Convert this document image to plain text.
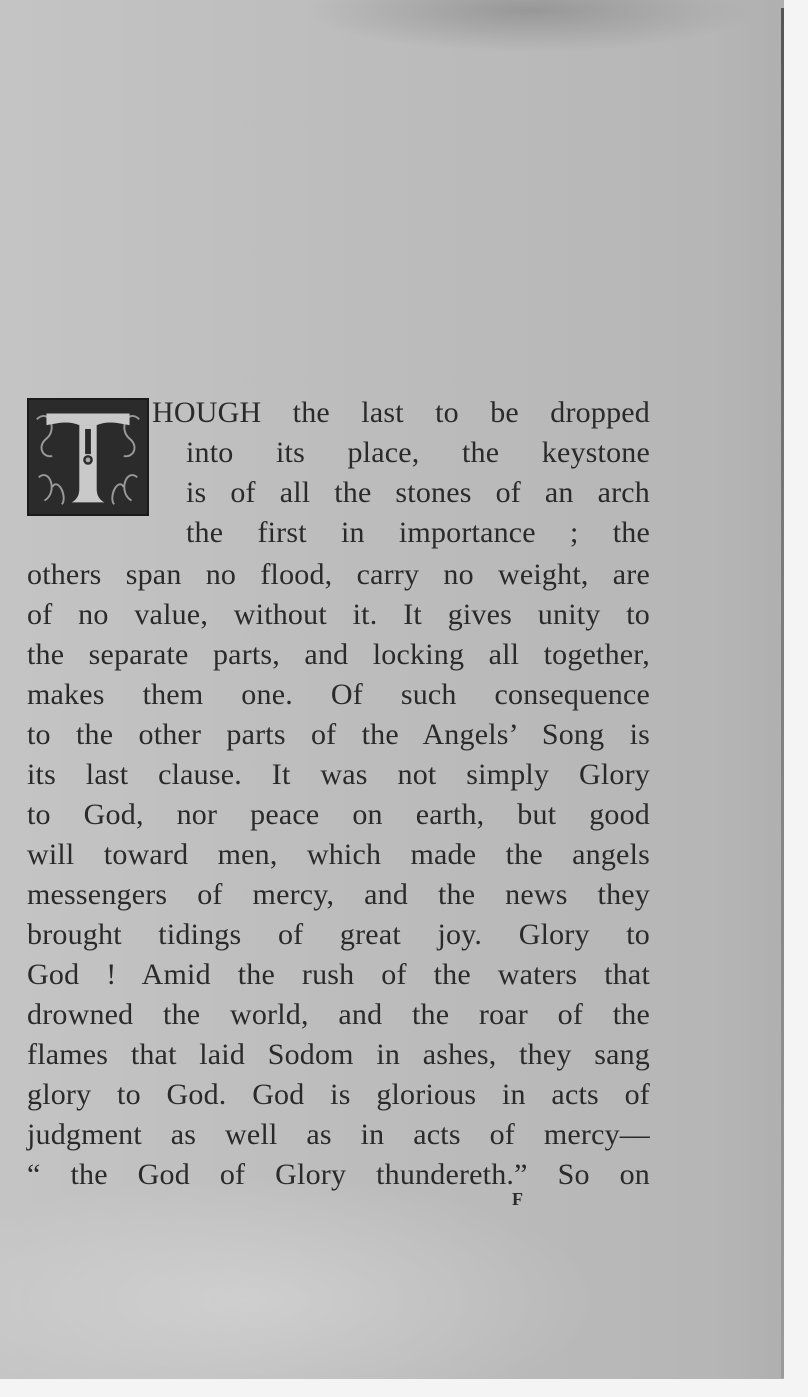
HOUGH the last to be dropped
into its place, the keystone
is of all the stones of an arch
the first in importance ; the
others span no flood, carry no weight, are
of no value, without it. It gives unity to
the separate parts, and locking all together,
makes them one. Of such consequence
to the other parts of the Angels’ Song is
its last clause. It was not simply Glory
to God, nor peace on earth, but good
will toward men, which made the angels
messengers of mercy, and the news they
brought tidings of great joy. Glory to
God ! Amid the rush of the waters that
drowned the world, and the roar of the
flames that laid Sodom in ashes, they sang
glory to God. God is glorious in acts of
judgment as well as in acts of mercy—
“ the God of Glory thundereth.” So on
F
